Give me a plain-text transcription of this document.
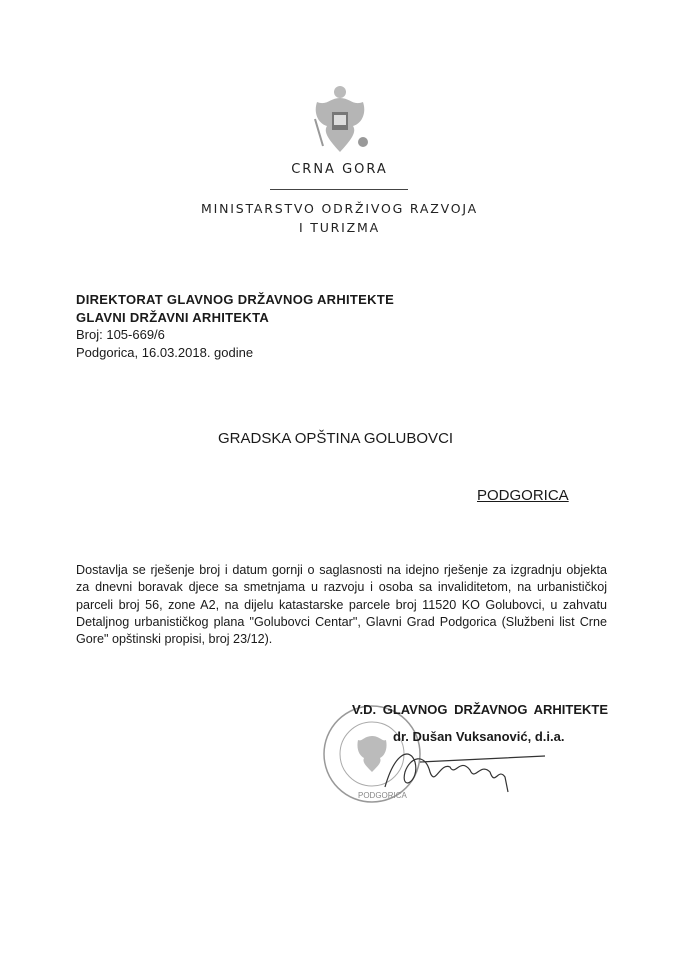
CRNA GORA
MINISTARSTVO ODRŽIVOG RAZVOJA
I TURIZMA
DIREKTORAT GLAVNOG DRŽAVNOG ARHITEKTE
GLAVNI DRŽAVNI ARHITEKTA
Broj: 105-669/6
Podgorica, 16.03.2018. godine
GRADSKA OPŠTINA GOLUBOVCI
PODGORICA
Dostavlja se rješenje broj i datum gornji o saglasnosti na idejno rješenje za izgradnju objekta za dnevni boravak djece sa smetnjama u razvoju i osoba sa invaliditetom, na urbanističkoj parceli broj 56, zone A2, na dijelu katastarske parcele broj 11520 KO Golubovci, u zahvatu Detaljnog urbanističkog plana "Golubovci Centar", Glavni Grad Podgorica (Službeni list Crne Gore" opštinski propisi, broj 23/12).
PODGORICA
V.D. GLAVNOG DRŽAVNOG ARHITEKTE
dr. Dušan Vuksanović, d.i.a.
